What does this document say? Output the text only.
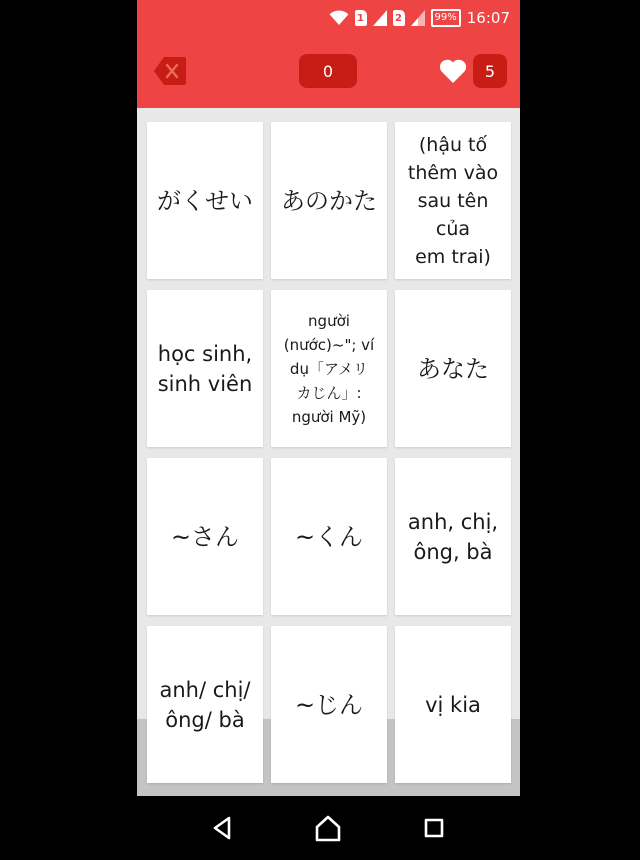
1	2	99% 16:07
0	5
がくせい あのかた
(hậu tố
thêm vào
sau tên của
em trai)
học sinh,
sinh viên
người
(nước)~"; ví
dụ「アメリ
カじん」:
người Mỹ)
あなた
~さん ~くん
anh, chị,
ông, bà
anh/ chị/
ông/ bà
~じん	vị kia
